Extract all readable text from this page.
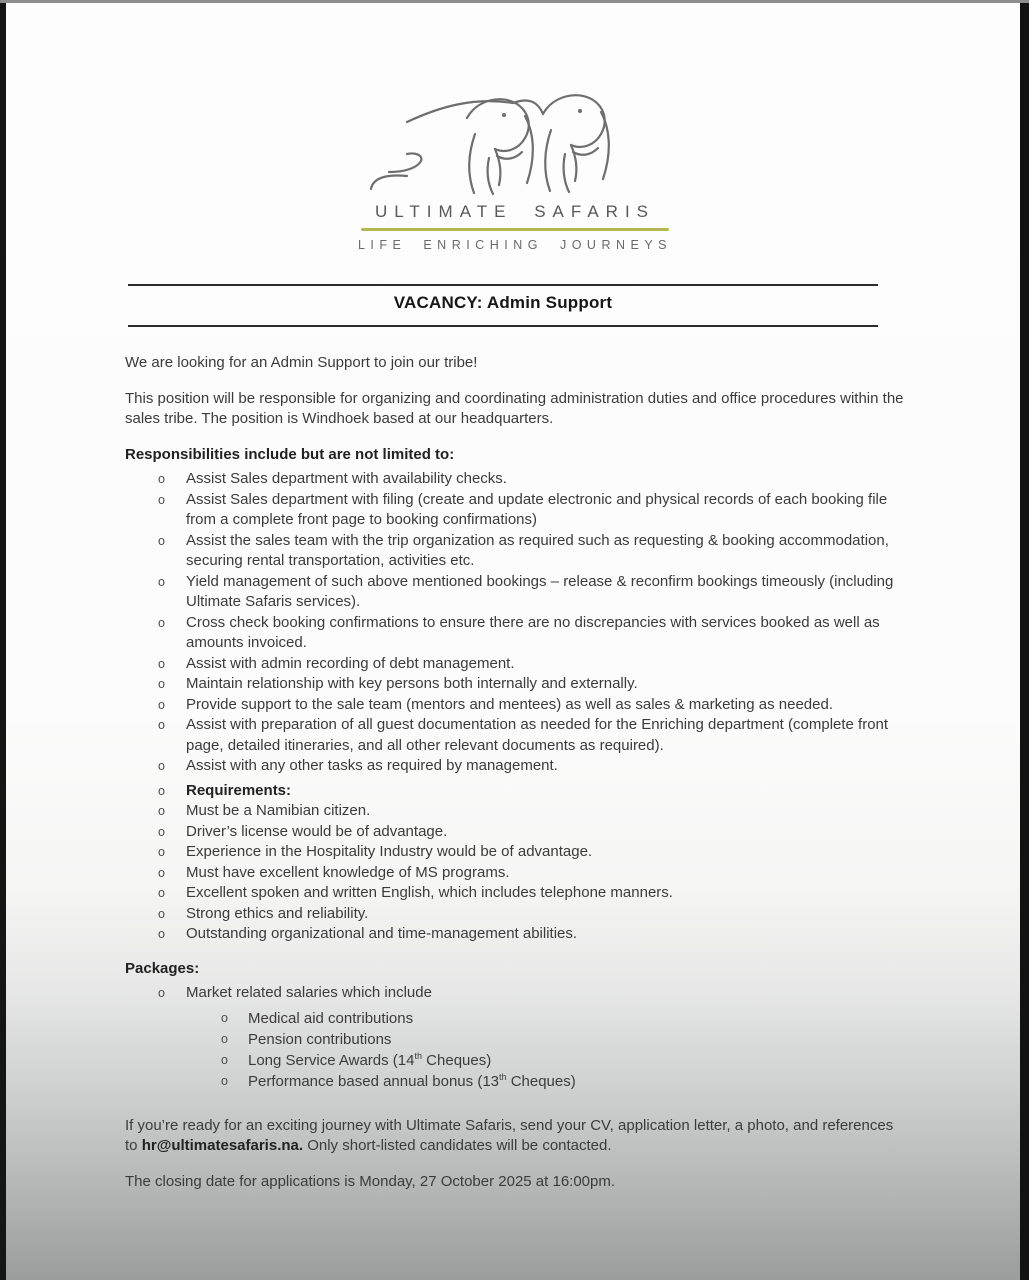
ULTIMATE SAFARIS
LIFE ENRICHING JOURNEYS
VACANCY: Admin Support

We are looking for an Admin Support to join our tribe!

This position will be responsible for organizing and coordinating administration duties and office procedures within the sales tribe. The position is Windhoek based at our headquarters.

Responsibilities include but are not limited to:
o	Assist Sales department with availability checks.
o	Assist Sales department with filing (create and update electronic and physical records of each booking file from a complete front page to booking confirmations)
o	Assist the sales team with the trip organization as required such as requesting & booking accommodation, securing rental transportation, activities etc.
o	Yield management of such above mentioned bookings – release & reconfirm bookings timeously (including Ultimate Safaris services).
o	Cross check booking confirmations to ensure there are no discrepancies with services booked as well as amounts invoiced.
o	Assist with admin recording of debt management.
o	Maintain relationship with key persons both internally and externally.
o	Provide support to the sale team (mentors and mentees) as well as sales & marketing as needed.
o	Assist with preparation of all guest documentation as needed for the Enriching department (complete front page, detailed itineraries, and all other relevant documents as required).
o	Assist with any other tasks as required by management.
o	Requirements:
o	Must be a Namibian citizen.
o	Driver’s license would be of advantage.
o	Experience in the Hospitality Industry would be of advantage.
o	Must have excellent knowledge of MS programs.
o	Excellent spoken and written English, which includes telephone manners.
o	Strong ethics and reliability.
o	Outstanding organizational and time-management abilities.
Packages:
o	Market related salaries which include
o	Medical aid contributions
o	Pension contributions
o	Long Service Awards (14th Cheques)
o	Performance based annual bonus (13th Cheques)

If you’re ready for an exciting journey with Ultimate Safaris, send your CV, application letter, a photo, and references to hr@ultimatesafaris.na. Only short-listed candidates will be contacted.

The closing date for applications is Monday, 27 October 2025 at 16:00pm.
